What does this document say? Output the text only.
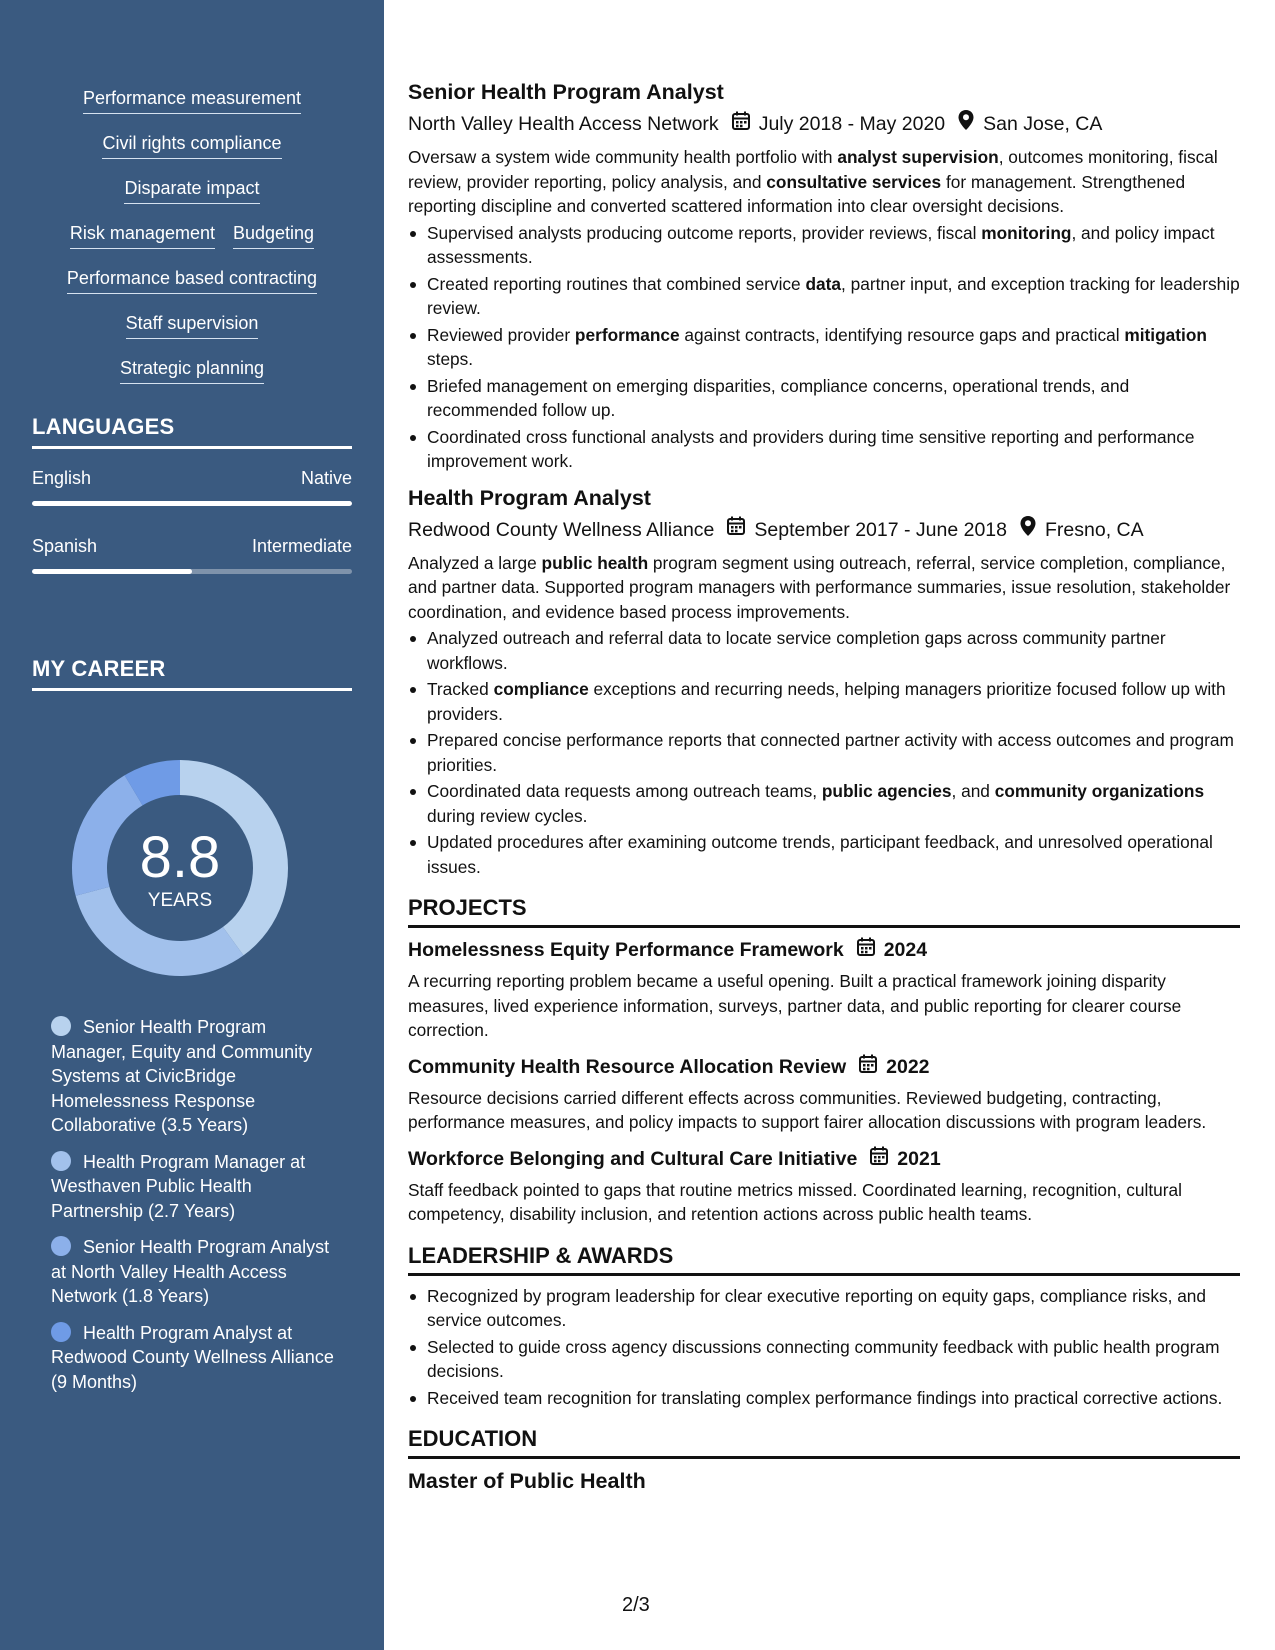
Performance measurement
Civil rights compliance
Disparate impact
Risk management Budgeting
Performance based contracting
Staff supervision
Strategic planning
LANGUAGES
English	Native
Spanish	Intermediate
MY CAREER
8.8
YEARS
Senior Health Program Manager, Equity and Community Systems at CivicBridge Homelessness Response Collaborative (3.5 Years)
Health Program Manager at Westhaven Public Health Partnership (2.7 Years)
Senior Health Program Analyst at North Valley Health Access Network (1.8 Years)
Health Program Analyst at Redwood County Wellness Alliance (9 Months)
Senior Health Program Analyst
North Valley Health Access Network July 2018 - May 2020 San Jose, CA
Oversaw a system wide community health portfolio with analyst supervision, outcomes monitoring, fiscal review, provider reporting, policy analysis, and consultative services for management. Strengthened reporting discipline and converted scattered information into clear oversight decisions.
Supervised analysts producing outcome reports, provider reviews, fiscal monitoring, and policy impact assessments.
Created reporting routines that combined service data, partner input, and exception tracking for leadership review.
Reviewed provider performance against contracts, identifying resource gaps and practical mitigation steps.
Briefed management on emerging disparities, compliance concerns, operational trends, and recommended follow up.
Coordinated cross functional analysts and providers during time sensitive reporting and performance improvement work.
Health Program Analyst
Redwood County Wellness Alliance September 2017 - June 2018 Fresno, CA
Analyzed a large public health program segment using outreach, referral, service completion, compliance, and partner data. Supported program managers with performance summaries, issue resolution, stakeholder coordination, and evidence based process improvements.
Analyzed outreach and referral data to locate service completion gaps across community partner workflows.
Tracked compliance exceptions and recurring needs, helping managers prioritize focused follow up with providers.
Prepared concise performance reports that connected partner activity with access outcomes and program priorities.
Coordinated data requests among outreach teams, public agencies, and community organizations during review cycles.
Updated procedures after examining outcome trends, participant feedback, and unresolved operational issues.
PROJECTS
Homelessness Equity Performance Framework 2024
A recurring reporting problem became a useful opening. Built a practical framework joining disparity measures, lived experience information, surveys, partner data, and public reporting for clearer course correction.
Community Health Resource Allocation Review 2022
Resource decisions carried different effects across communities. Reviewed budgeting, contracting, performance measures, and policy impacts to support fairer allocation discussions with program leaders.
Workforce Belonging and Cultural Care Initiative 2021
Staff feedback pointed to gaps that routine metrics missed. Coordinated learning, recognition, cultural competency, disability inclusion, and retention actions across public health teams.
LEADERSHIP & AWARDS
Recognized by program leadership for clear executive reporting on equity gaps, compliance risks, and service outcomes.
Selected to guide cross agency discussions connecting community feedback with public health program decisions.
Received team recognition for translating complex performance findings into practical corrective actions.
EDUCATION
Master of Public Health
2/3
